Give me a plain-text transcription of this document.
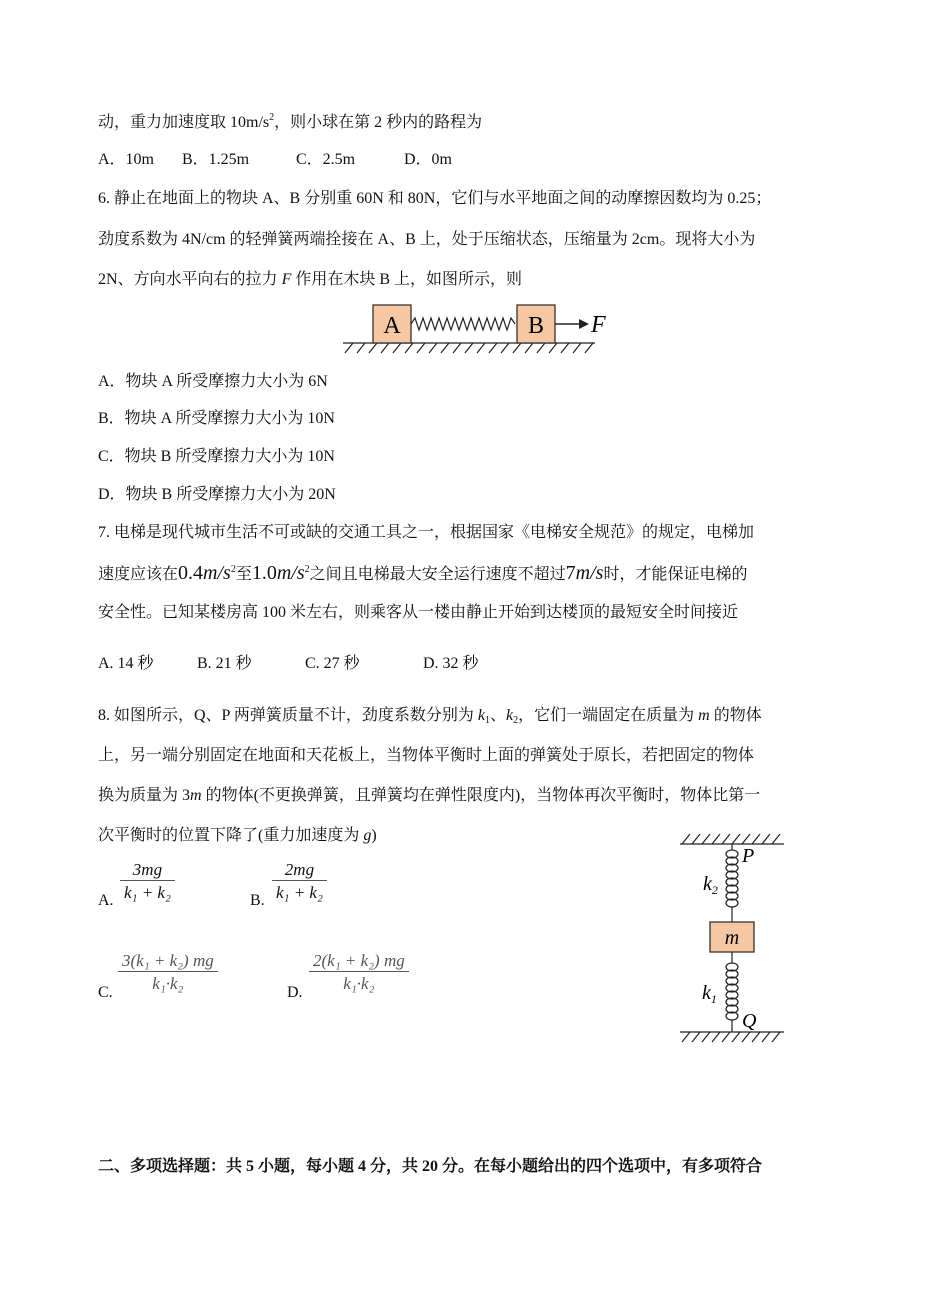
动，重力加速度取 $10m/s^2$，则小球在第 2 秒内的路程为
A．10m B．1.25m	C．2.5m	D．0m
6. 静止在地面上的物块 A、B 分别重 60N 和 80N，它们与水平地面之间的动摩擦因数均为 0.25；
劲度系数为 4N/cm 的轻弹簧两端拴接在 A、B 上，处于压缩状态，压缩量为 2cm。现将大小为
2N、方向水平向右的拉力 F 作用在木块 B 上，如图所示，则
A	B F
A．物块 A 所受摩擦力大小为 6N
B．物块 A 所受摩擦力大小为 10N
C．物块 B 所受摩擦力大小为 10N
D．物块 B 所受摩擦力大小为 20N
7. 电梯是现代城市生活不可或缺的交通工具之一，根据国家《电梯安全规范》的规定，电梯加
速度应该在$0.4m/s^2$至$1.0m/s^2$之间且电梯最大安全运行速度不超过7m/s时，才能保证电梯的
安全性。已知某楼房高 100 米左右，则乘客从一楼由静止开始到达楼顶的最短安全时间接近
A. 14 秒	B. 21 秒	C. 27 秒	D. 32 秒
8. 如图所示，Q、P 两弹簧质量不计，劲度系数分别为 $k_1$、$k_2$，它们一端固定在质量为 m 的物体
上，另一端分别固定在地面和天花板上，当物体平衡时上面的弹簧处于原长，若把固定的物体
换为质量为 3m 的物体(不更换弹簧，且弹簧均在弹性限度内)，当物体再次平衡时，物体比第一
次平衡时的位置下降了(重力加速度为 g)
A. $\frac{3mg}{\text{k₁ + k₂}}$	B. $\frac{2mg}{\text{k₁ + k₂}}$
C. $\frac{\text{3(k₁ + k₂) mg}}{\text{k₁·k₂}}$	D. $\frac{\text{2(k₁ + k₂) mg}}{\text{k₁·k₂}}$
P
$k_2$
m
$k_1$
Q
二、多项选择题：共 5 小题，每小题 4 分，共 20 分。在每小题给出的四个选项中，有多项符合
